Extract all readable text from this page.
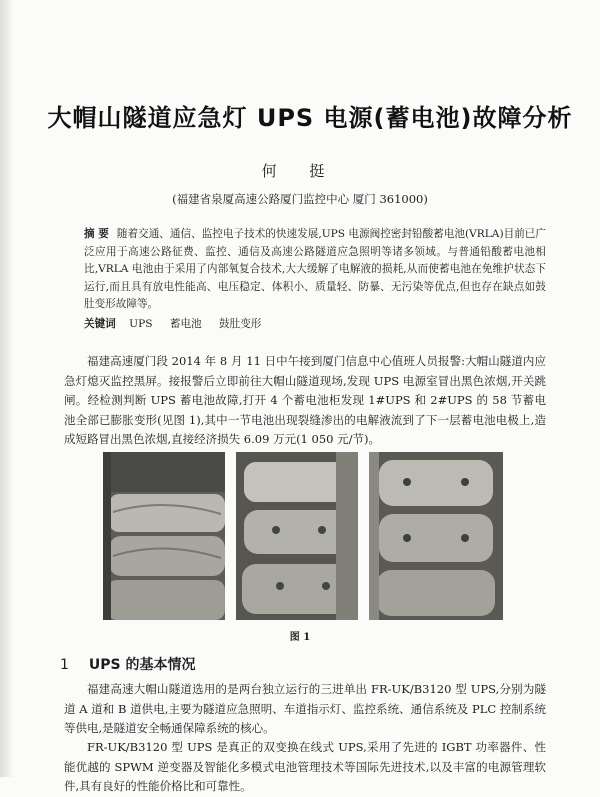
大帽山隧道应急灯 UPS 电源(蓄电池)故障分析
何 挺
(福建省泉厦高速公路厦门监控中心 厦门 361000)
摘 要 随着交通、通信、监控电子技术的快速发展,UPS 电源阀控密封铅酸蓄电池(VRLA)目前已广泛应用于高速公路征费、监控、通信及高速公路隧道应急照明等诸多领域。与普通铅酸蓄电池相比,VRLA 电池由于采用了内部氧复合技术,大大缓解了电解液的损耗,从而使蓄电池在免维护状态下运行,而且具有放电性能高、电压稳定、体积小、质量轻、防暴、无污染等优点,但也存在缺点如鼓肚变形故障等。
关键词 UPS 蓄电池 鼓肚变形

福建高速厦门段 2014 年 8 月 11 日中午接到厦门信息中心值班人员报警:大帽山隧道内应急灯熄灭监控黑屏。接报警后立即前往大帽山隧道现场,发现 UPS 电源室冒出黑色浓烟,开关跳闸。经检测判断 UPS 蓄电池故障,打开 4 个蓄电池柜发现 1#UPS 和 2#UPS 的 58 节蓄电池全部已膨胀变形(见图 1),其中一节电池出现裂缝渗出的电解液流到了下一层蓄电池电极上,造成短路冒出黑色浓烟,直接经济损失 6.09 万元(1 050 元/节)。

图 1
1 UPS 的基本情况

福建高速大帽山隧道选用的是两台独立运行的三进单出 FR-UK/B3120 型 UPS,分别为隧道 A 道和 B 道供电,主要为隧道应急照明、车道指示灯、监控系统、通信系统及 PLC 控制系统等供电,是隧道安全畅通保障系统的核心。

FR-UK/B3120 型 UPS 是真正的双变换在线式 UPS,采用了先进的 IGBT 功率器件、性能优越的 SPWM 逆变器及智能化多模式电池管理技术等国际先进技术,以及丰富的电源管理软件,具有良好的性能价格比和可靠性。
